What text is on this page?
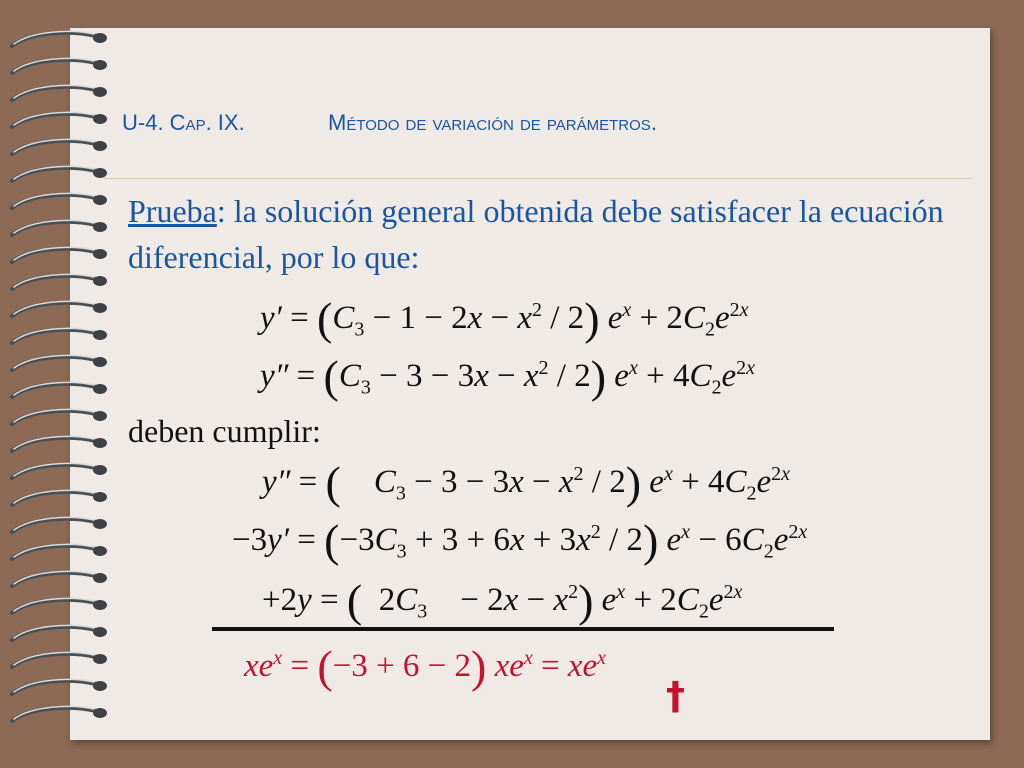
U-4. Cap. IX.	Método de variación de parámetros.
Prueba: la solución general obtenida debe satisfacer la ecuación diferencial, por lo que:
$y' = (C_3 - 1 - 2x - x^2 / 2) e^x + 2C_2e^{2x}$
$y'' = (C_3 - 3 - 3x - x^2 / 2) e^x + 4C_2e^{2x}$
deben cumplir:
y″ = ( $C_3 - 3 - 3x - x^2 / 2$) $e^x + 4C_2e^{2x}$
$-3y' = (-3C_3 + 3 + 6x + 3x^2 / 2) e^x - 6C_2e^{2x}$
+2y = (  $2C_3$    − $2x - x^2$) $e^x + 2C_2e^{2x}$
$xe^x = (-3 + 6 - 2) xe^x = xe^x$
†
